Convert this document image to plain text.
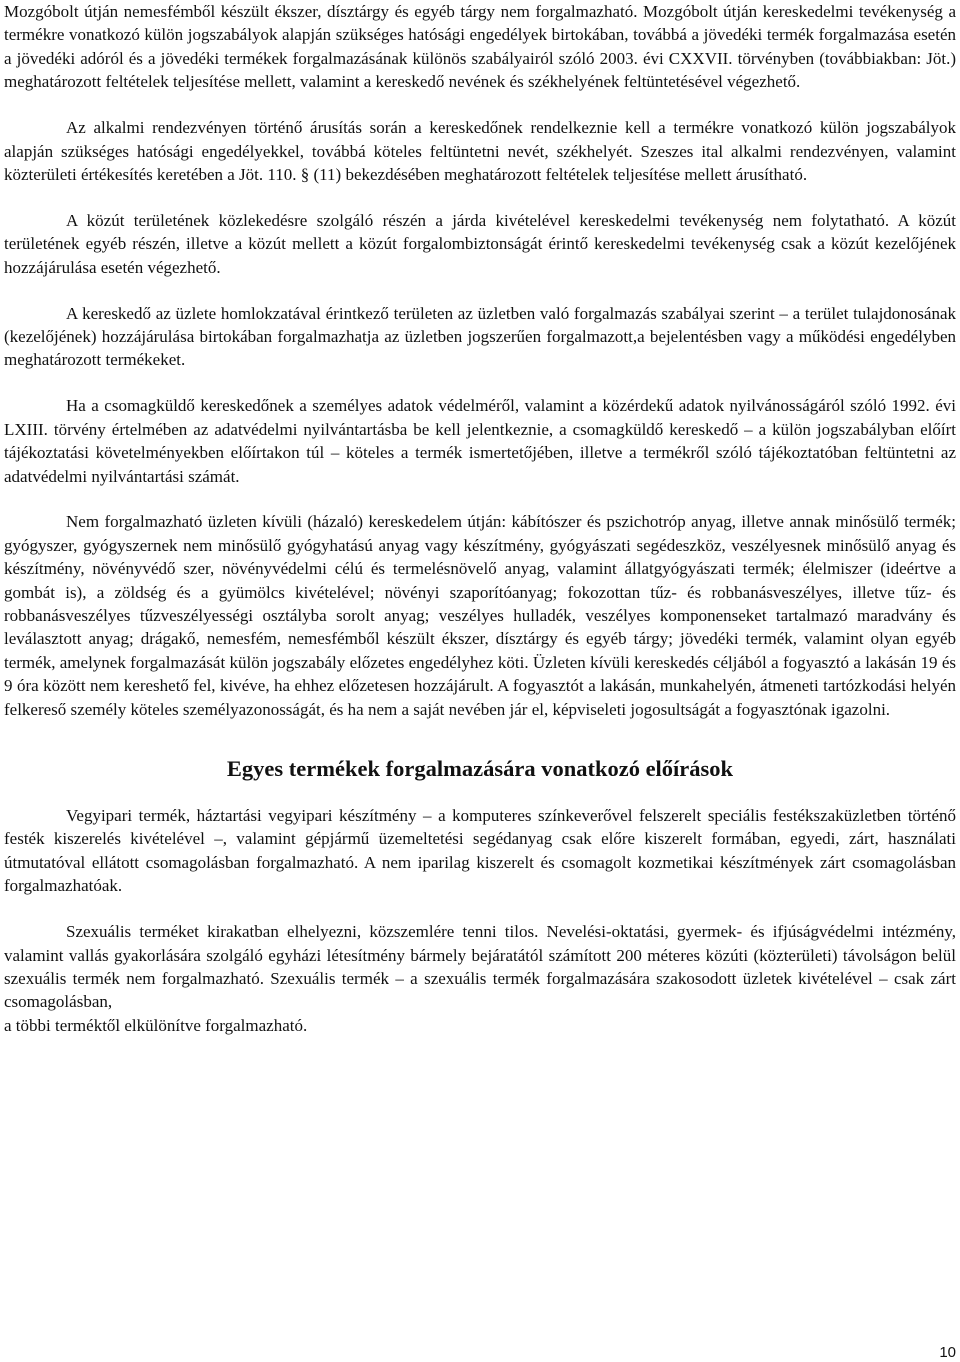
Mozgóbolt útján nemesfémből készült ékszer, dísztárgy és egyéb tárgy nem forgalmazható. Mozgóbolt útján kereskedelmi tevékenység a termékre vonatkozó külön jogszabályok alapján szükséges hatósági engedélyek birtokában, továbbá a jövedéki termék forgalmazása esetén a jövedéki adóról és a jövedéki termékek forgalmazásának különös szabályairól szóló 2003. évi CXXVII. törvényben (továbbiakban: Jöt.) meghatározott feltételek teljesítése mellett, valamint a kereskedő nevének és székhelyének feltüntetésével végezhető.

Az alkalmi rendezvényen történő árusítás során a kereskedőnek rendelkeznie kell a termékre vonatkozó külön jogszabályok alapján szükséges hatósági engedélyekkel, továbbá köteles feltüntetni nevét, székhelyét. Szeszes ital alkalmi rendezvényen, valamint közterületi értékesítés keretében a Jöt. 110. § (11) bekezdésében meghatározott feltételek teljesítése mellett árusítható.

A közút területének közlekedésre szolgáló részén a járda kivételével kereskedelmi tevékenység nem folytatható. A közút területének egyéb részén, illetve a közút mellett a közút forgalombiztonságát érintő kereskedelmi tevékenység csak a közút kezelőjének hozzájárulása esetén végezhető.

A kereskedő az üzlete homlokzatával érintkező területen az üzletben való forgalmazás szabályai szerint – a terület tulajdonosának (kezelőjének) hozzájárulása birtokában forgalmazhatja az üzletben jogszerűen forgalmazott,a bejelentésben vagy a működési engedélyben meghatározott termékeket.

Ha a csomagküldő kereskedőnek a személyes adatok védelméről, valamint a közérdekű adatok nyilvánosságáról szóló 1992. évi LXIII. törvény értelmében az adatvédelmi nyilvántartásba be kell jelentkeznie, a csomagküldő kereskedő – a külön jogszabályban előírt tájékoztatási követelményekben előírtakon túl – köteles a termék ismertetőjében, illetve a termékről szóló tájékoztatóban feltüntetni az adatvédelmi nyilvántartási számát.

Nem forgalmazható üzleten kívüli (házaló) kereskedelem útján: kábítószer és pszichotróp anyag, illetve annak minősülő termék; gyógyszer, gyógyszernek nem minősülő gyógyhatású anyag vagy készítmény, gyógyászati segédeszköz, veszélyesnek minősülő anyag és készítmény, növényvédő szer, növényvédelmi célú és termelésnövelő anyag, valamint állatgyógyászati termék; élelmiszer (ideértve a gombát is), a zöldség és a gyümölcs kivételével; növényi szaporítóanyag; fokozottan tűz- és robbanásveszélyes, illetve tűz- és robbanásveszélyes tűzveszélyességi osztályba sorolt anyag; veszélyes hulladék, veszélyes komponenseket tartalmazó maradvány és leválasztott anyag; drágakő, nemesfém, nemesfémből készült ékszer, dísztárgy és egyéb tárgy; jövedéki termék, valamint olyan egyéb termék, amelynek forgalmazását külön jogszabály előzetes engedélyhez köti. Üzleten kívüli kereskedés céljából a fogyasztó a lakásán 19 és 9 óra között nem kereshető fel, kivéve, ha ehhez előzetesen hozzájárult. A fogyasztót a lakásán, munkahelyén, átmeneti tartózkodási helyén felkereső személy köteles személyazonosságát, és ha nem a saját nevében jár el, képviseleti jogosultságát a fogyasztónak igazolni.

Egyes termékek forgalmazására vonatkozó előírások

Vegyipari termék, háztartási vegyipari készítmény – a komputeres színkeverővel felszerelt speciális festékszaküzletben történő festék kiszerelés kivételével –, valamint gépjármű üzemeltetési segédanyag csak előre kiszerelt formában, egyedi, zárt, használati útmutatóval ellátott csomagolásban forgalmazható. A nem iparilag kiszerelt és csomagolt kozmetikai készítmények zárt csomagolásban forgalmazhatóak.

Szexuális terméket kirakatban elhelyezni, közszemlére tenni tilos. Nevelési-oktatási, gyermek- és ifjúságvédelmi intézmény, valamint vallás gyakorlására szolgáló egyházi létesítmény bármely bejáratától számított 200 méteres közúti (közterületi) távolságon belül szexuális termék nem forgalmazható. Szexuális termék – a szexuális termék forgalmazására szakosodott üzletek kivételével – csak zárt csomagolásban,

a többi terméktől elkülönítve forgalmazható.

10
